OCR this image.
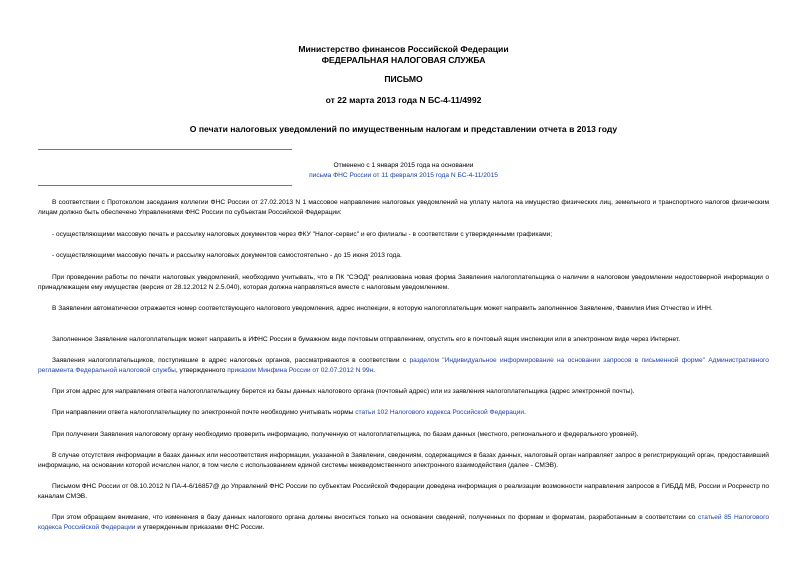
Министерство финансов Российской Федерации
ФЕДЕРАЛЬНАЯ НАЛОГОВАЯ СЛУЖБА
ПИСЬМО
от 22 марта 2013 года N БС-4-11/4992
О печати налоговых уведомлений по имущественным налогам и представлении отчета в 2013 году
Отменено с 1 января 2015 года на основании
письма ФНС России от 11 февраля 2015 года N БС-4-11/2015
В соответствии с Протоколом заседания коллегии ФНС России от 27.02.2013 N 1 массовое направление налоговых уведомлений на уплату налога на имущество физических лиц, земельного и транспортного налогов физическим лицам должно быть обеспечено Управлениями ФНС России по субъектам Российской Федерации:
- осуществляющими массовую печать и рассылку налоговых документов через ФКУ "Налог-сервис" и его филиалы - в соответствии с утвержденными графиками;
- осуществляющими массовую печать и рассылку налоговых документов самостоятельно - до 15 июня 2013 года.
При проведении работы по печати налоговых уведомлений, необходимо учитывать, что в ПК "СЭОД" реализована новая форма Заявления налогоплательщика о наличии в налоговом уведомлении недостоверной информации о принадлежащем ему имуществе (версия от 28.12.2012 N 2.5.040), которая должна направляться вместе с налоговым уведомлением.
В Заявлении автоматически отражается номер соответствующего налогового уведомления, адрес инспекции, в которую налогоплательщик может направить заполненное Заявление, Фамилия Имя Отчество и ИНН.
Заполненное Заявление налогоплательщик может направить в ИФНС России в бумажном виде почтовым отправлением, опустить его в почтовый ящик инспекции или в электронном виде через Интернет.
Заявления налогоплательщиков, поступившие в адрес налоговых органов, рассматриваются в соответствии с разделом "Индивидуальное информирование на основании запросов в письменной форме" Административного регламента Федеральной налоговой службы, утвержденного приказом Минфина России от 02.07.2012 N 99н.
При этом адрес для направления ответа налогоплательщику берется из базы данных налогового органа (почтовый адрес) или из заявления налогоплательщика (адрес электронной почты).
При направлении ответа налогоплательщику по электронной почте необходимо учитывать нормы статьи 102 Налогового кодекса Российской Федерации.
При получении Заявления налоговому органу необходимо проверить информацию, полученную от налогоплательщика, по базам данных (местного, регионального и федерального уровней).
В случае отсутствия информации в базах данных или несоответствия информации, указанной в Заявлении, сведениям, содержащимся в базах данных, налоговый орган направляет запрос в регистрирующий орган, предоставивший информацию, на основании которой исчислен налог, в том числе с использованием единой системы межведомственного электронного взаимодействия (далее - СМЭВ).
Письмом ФНС России от 08.10.2012 N ПА-4-6/16857@ до Управлений ФНС России по субъектам Российской Федерации доведена информация о реализации возможности направления запросов в ГИБДД МВ, России и Росреестр по каналам СМЭВ.
При этом обращаем внимание, что изменения в базу данных налогового органа должны вноситься только на основании сведений, полученных по формам и форматам, разработанным в соответствии со статьей 85 Налогового кодекса Российской Федерации и утвержденным приказами ФНС России.
